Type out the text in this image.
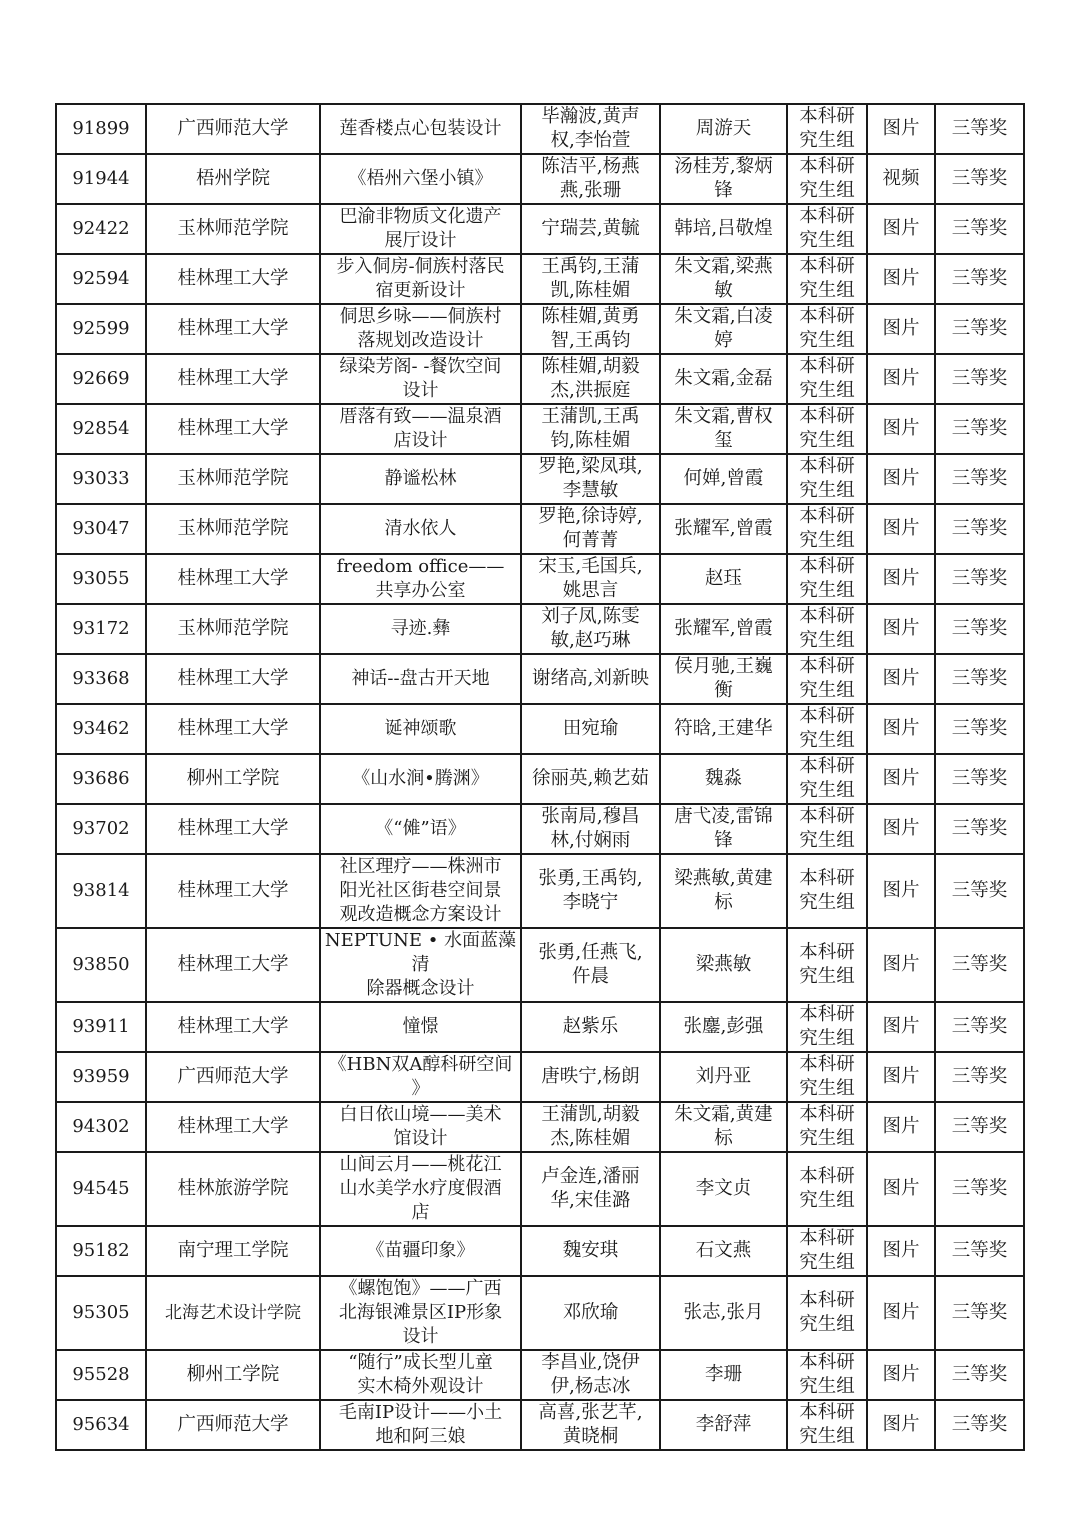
91899	广西师范大学	莲香楼点心包装设计	毕瀚波,黄声
权,李怡萱	周游天	本科研
究生组	图片	三等奖
91944	梧州学院	《梧州六堡小镇》	陈洁平,杨燕
燕,张珊	汤桂芳,黎炳
锋	本科研
究生组	视频	三等奖
92422	玉林师范学院	巴渝非物质文化遗产
展厅设计	宁瑞芸,黄毓	韩培,吕敬煌	本科研
究生组	图片	三等奖
92594	桂林理工大学	步入侗房-侗族村落民
宿更新设计	王禹钧,王蒲
凯,陈桂媚	朱文霜,梁燕
敏	本科研
究生组	图片	三等奖
92599	桂林理工大学	侗思乡咏——侗族村
落规划改造设计	陈桂媚,黄勇
智,王禹钧	朱文霜,白凌
婷	本科研
究生组	图片	三等奖
92669	桂林理工大学	绿染芳阁- -餐饮空间
设计	陈桂媚,胡毅
杰,洪振庭	朱文霜,金磊	本科研
究生组	图片	三等奖
92854	桂林理工大学	厝落有致——温泉酒
店设计	王蒲凯,王禹
钧,陈桂媚	朱文霜,曹权
玺	本科研
究生组	图片	三等奖
93033	玉林师范学院	静谧松林	罗艳,梁凤琪,
李慧敏	何婵,曾霞	本科研
究生组	图片	三等奖
93047	玉林师范学院	清水依人	罗艳,徐诗婷,
何菁菁	张耀军,曾霞	本科研
究生组	图片	三等奖
93055	桂林理工大学	freedom office——
共享办公室	宋玉,毛国兵,
姚思言	赵珏	本科研
究生组	图片	三等奖
93172	玉林师范学院	寻迹.彝	刘子凤,陈雯
敏,赵巧琳	张耀军,曾霞	本科研
究生组	图片	三等奖
93368	桂林理工大学	神话--盘古开天地	谢绪高,刘新映	侯月驰,王巍
衡	本科研
究生组	图片	三等奖
93462	桂林理工大学	诞神颂歌	田宛瑜	符晗,王建华	本科研
究生组	图片	三等奖
93686	柳州工学院	《山水涧•腾渊》	徐丽英,赖艺茹	魏淼	本科研
究生组	图片	三等奖
93702	桂林理工大学	《“傩”语》	张南局,穆昌
林,付娴雨	唐弋凌,雷锦
锋	本科研
究生组	图片	三等奖
93814	桂林理工大学	社区理疗——株洲市
阳光社区街巷空间景
观改造概念方案设计	张勇,王禹钧,
李晓宁	梁燕敏,黄建
标	本科研
究生组	图片	三等奖
93850	桂林理工大学	NEPTUNE • 水面蓝藻清
除器概念设计	张勇,任燕飞,
仵晨	梁燕敏	本科研
究生组	图片	三等奖
93911	桂林理工大学	憧憬	赵紫乐	张鏖,彭强	本科研
究生组	图片	三等奖
93959	广西师范大学	《HBN双A醇科研空间
》	唐昳宁,杨朗	刘丹亚	本科研
究生组	图片	三等奖
94302	桂林理工大学	白日依山境——美术
馆设计	王蒲凯,胡毅
杰,陈桂媚	朱文霜,黄建
标	本科研
究生组	图片	三等奖
94545	桂林旅游学院	山间云月——桃花江
山水美学水疗度假酒
店	卢金连,潘丽
华,宋佳潞	李文贞	本科研
究生组	图片	三等奖
95182	南宁理工学院	《苗疆印象》	魏安琪	石文燕	本科研
究生组	图片	三等奖
95305	北海艺术设计学院	《螺饱饱》——广西
北海银滩景区IP形象
设计	邓欣瑜	张志,张月	本科研
究生组	图片	三等奖
95528	柳州工学院	“随行”成长型儿童
实木椅外观设计	李昌业,饶伊
伊,杨志冰	李珊	本科研
究生组	图片	三等奖
95634	广西师范大学	毛南IP设计——小土
地和阿三娘	高喜,张艺芊,
黄晓桐	李舒萍	本科研
究生组	图片	三等奖
